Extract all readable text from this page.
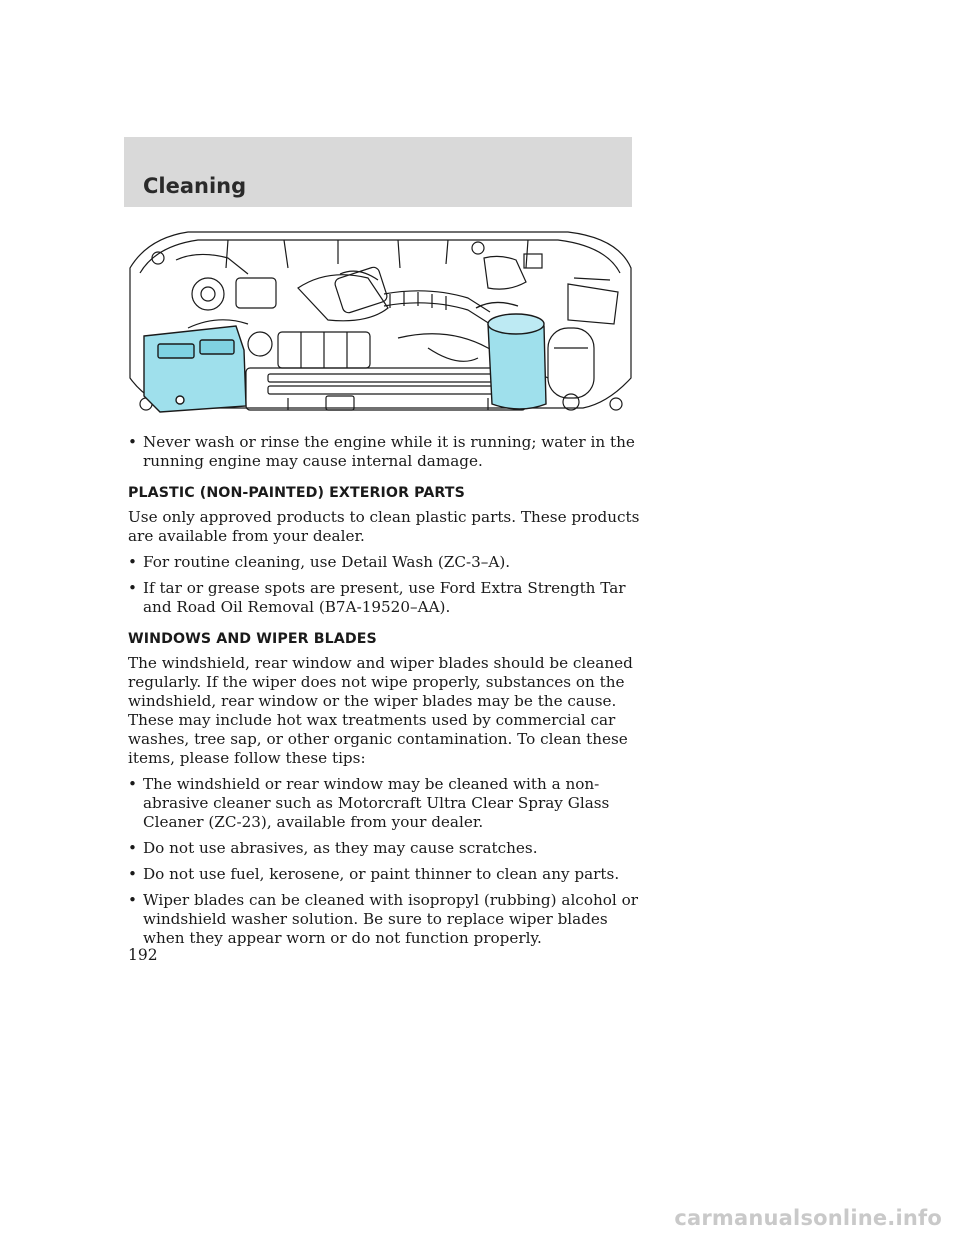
Cleaning
• Never wash or rinse the engine while it is running; water in the running engine may cause internal damage.
PLASTIC (NON-PAINTED) EXTERIOR PARTS

Use only approved products to clean plastic parts. These products are available from your dealer.

• For routine cleaning, use Detail Wash (ZC-3–A).
• If tar or grease spots are present, use Ford Extra Strength Tar and Road Oil Removal (B7A-19520–AA).
WINDOWS AND WIPER BLADES

The windshield, rear window and wiper blades should be cleaned regularly. If the wiper does not wipe properly, substances on the windshield, rear window or the wiper blades may be the cause. These may include hot wax treatments used by commercial car washes, tree sap, or other organic contamination. To clean these items, please follow these tips:

• The windshield or rear window may be cleaned with a non-abrasive cleaner such as Motorcraft Ultra Clear Spray Glass Cleaner (ZC-23), available from your dealer.
• Do not use abrasives, as they may cause scratches.
• Do not use fuel, kerosene, or paint thinner to clean any parts.
• Wiper blades can be cleaned with isopropyl (rubbing) alcohol or windshield washer solution. Be sure to replace wiper blades when they appear worn or do not function properly.
192
carmanualsonline.info
